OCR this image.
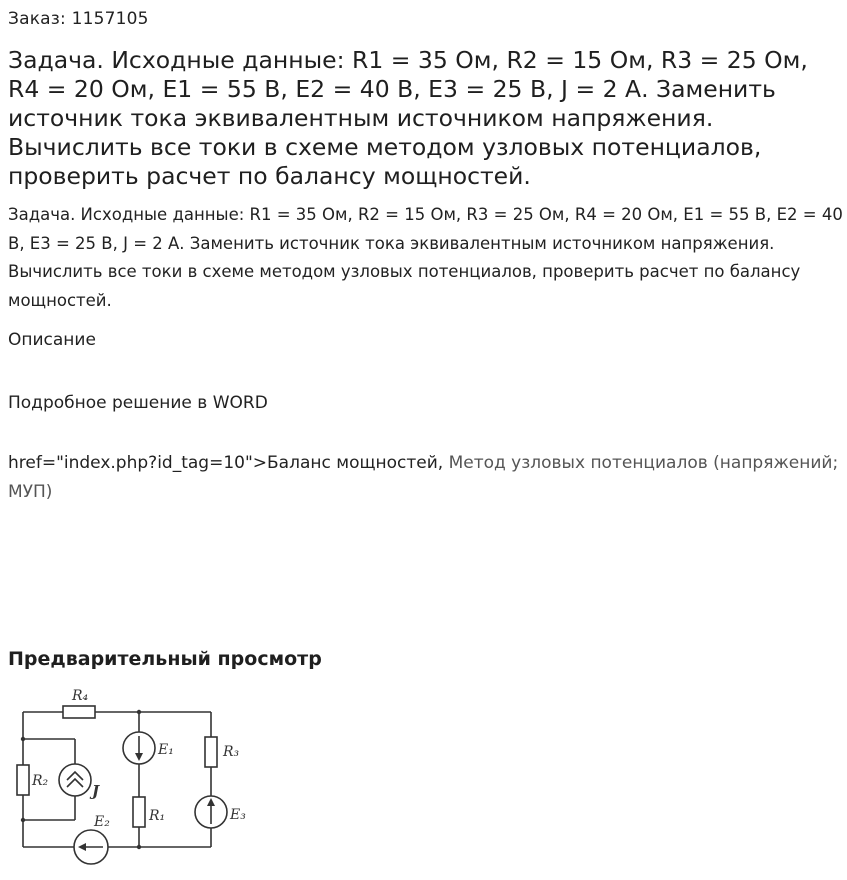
Заказ: 1157105
Задача. Исходные данные: R1 = 35 Ом, R2 = 15 Ом, R3 = 25 Ом, R4 = 20 Ом, E1 = 55 В, E2 = 40 В, E3 = 25 В, J = 2 А. Заменить источник тока эквивалентным источником напряжения. Вычислить все токи в схеме методом узловых потенциалов, проверить расчет по балансу мощностей.

Задача. Исходные данные: R1 = 35 Ом, R2 = 15 Ом, R3 = 25 Ом, R4 = 20 Ом, E1 = 55 В, E2 = 40 В, E3 = 25 В, J = 2 А. Заменить источник тока эквивалентным источником напряжения. Вычислить все токи в схеме методом узловых потенциалов, проверить расчет по балансу мощностей.

Описание
Подробное решение в WORD
href="index.php?id_tag=10">Баланс мощностей, Метод узловых потенциалов (напряжений; МУП)
Предварительный просмотр
R₄
E₁	R₃
R₂
J
E₂	R₁	E₃
